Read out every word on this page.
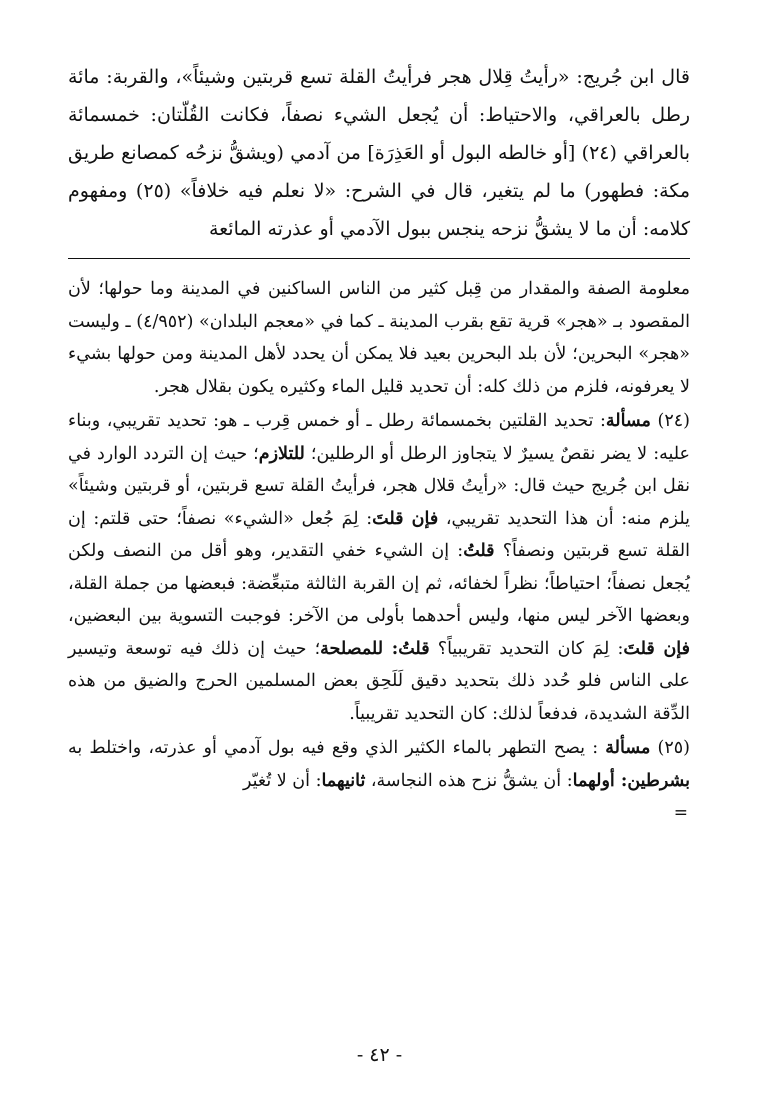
قال ابن جُريج: «رأيتُ قِلال هجر فرأيتُ القلة تسع قربتين وشيئاً»، والقربة: مائة رطل بالعراقي، والاحتياط: أن يُجعل الشيء نصفاً، فكانت القُلّتان: خمسمائة بالعراقي (٢٤) [أو خالطه البول أو العَذِرَة] من آدمي (ويشقُّ نزحُه كمصانع طريق مكة: فطهور) ما لم يتغير، قال في الشرح: «لا نعلم فيه خلافاً» (٢٥) ومفهوم كلامه: أن ما لا يشقُّ نزحه ينجس ببول الآدمي أو عذرته المائعة

معلومة الصفة والمقدار من قِبل كثير من الناس الساكنين في المدينة وما حولها؛ لأن المقصود بـ «هجر» قرية تقع بقرب المدينة ـ كما في «معجم البلدان» (٤/٩٥٢) ـ وليست «هجر» البحرين؛ لأن بلد البحرين بعيد فلا يمكن أن يحدد لأهل المدينة ومن حولها بشيء لا يعرفونه، فلزم من ذلك كله: أن تحديد قليل الماء وكثيره يكون بقلال هجر.

(٢٤) مسألة: تحديد القلتين بخمسمائة رطل ـ أو خمس قِرب ـ هو: تحديد تقريبي، وبناء عليه: لا يضر نقصٌ يسيرٌ لا يتجاوز الرطل أو الرطلين؛ للتلازم؛ حيث إن التردد الوارد في نقل ابن جُريج حيث قال: «رأيتُ قلال هجر، فرأيتُ القلة تسع قربتين، أو قربتين وشيئاً» يلزم منه: أن هذا التحديد تقريبي، فإن قلتَ: لِمَ جُعل «الشيء» نصفاً؛ حتى قلتم: إن القلة تسع قربتين ونصفاً؟ قلتُ: إن الشيء خفي التقدير، وهو أقل من النصف ولكن يُجعل نصفاً؛ احتياطاً؛ نظراً لخفائه، ثم إن القربة الثالثة متبعِّضة: فبعضها من جملة القلة، وبعضها الآخر ليس منها، وليس أحدهما بأولى من الآخر: فوجبت التسوية بين البعضين، فإن قلتَ: لِمَ كان التحديد تقريبياً؟ قلتُ: للمصلحة؛ حيث إن ذلك فيه توسعة وتيسير على الناس فلو حُدد ذلك بتحديد دقيق لَلَحِق بعض المسلمين الحرج والضيق من هذه الدِّقة الشديدة، فدفعاً لذلك: كان التحديد تقريبياً.

(٢٥) مسألة : يصح التطهر بالماء الكثير الذي وقع فيه بول آدمي أو عذرته، واختلط به بشرطين: أولهما: أن يشقُّ نزح هذه النجاسة، ثانيهما: أن لا تُغيّر
=

- ٤٢ -
